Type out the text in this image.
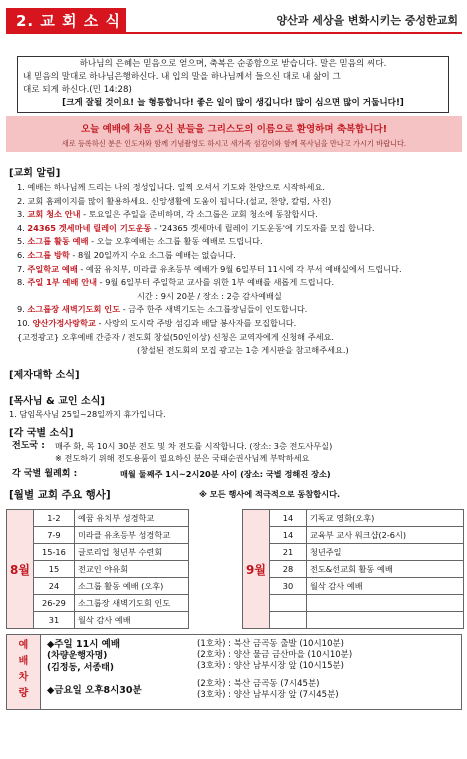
2. 교 회 소 식	양산과 세상을 변화시키는 중성한교회

하나님의 은혜는 믿음으로 얻으며, 축복은 순종함으로 받습니다. 말은 믿음의 씨다.

내 믿음의 말대로 하나님은행하신다. 내 입의 말을 하나님께서 들으신 대로 내 삶이 그

대로 되게 하신다.(민 14:28)

[크게 잘될 것이요! 늘 형통합니다! 좋은 일이 많이 생깁니다! 많이 심으면 많이 거둡니다!]

오늘 예배에 처음 오신 분들을 그리스도의 이름으로 환영하며 축복합니다!
새로 등록하신 분은 인도자와 함께 기념촬영도 하시고 새가족 섬김이와 함께 목사님을 만나고 가시기 바랍니다.
[교회 알림]
1. 예배는 하나님께 드리는 나의 정성입니다. 일찍 오셔서 기도와 찬양으로 시작하세요.
2. 교회 홈페이지를 많이 활용하세요. 신앙생활에 도움이 됩니다.(설교, 찬양, 칼럼, 사진)
3. 교회 청소 안내 - 토요일은 주일을 준비하며, 각 소그룹은 교회 청소에 동참합시다.
4. 24365 겟세마네 릴레이 기도운동 - '24365 겟세마네 릴레이 기도운동'에 기도자를 모집 합니다.
5. 소그룹 활동 예배 - 오늘 오후예배는 소그룹 활동 예배로 드립니다.
6. 소그룹 방학 - 8월 20일까지 수요 소그룹 예배는 없습니다.
7. 주일학교 예배 - 예꿈 유치부, 미라클 유초등부 예배가 9월 6일부터 11시에 각 부서 예배실에서 드립니다.
8. 주일 1부 예배 안내 - 9월 6일부터 주일학교 교사를 위한 1부 예배를 새롭게 드립니다.
시간 : 9시 20분 / 장소 : 2층 감사예배실
9. 소그룹장 새벽기도회 인도 - 금주 한주 새벽기도는 소그룹장님들이 인도합니다.
10. 양산가정사랑학교 - 사랑의 도시락 주방 섬김과 배달 봉사자를 모집합니다.
{고정광고} 오후예배 간증자 / 전도회 창설(50인이상) 신청은 교역자에게 신청해 주세요.
(창설된 전도회의 모집 광고는 1층 게시판을 참고해주세요.)
[제자대학 소식]
[목사님 & 교인 소식]
1. 담임목사님 25일~28일까지 휴가입니다.
[각 국별 소식]
전도국 : 매주 화, 목 10시 30분 전도 및 차 전도를 시작합니다. (장소: 3층 전도사무실)
※ 전도하기 위해 전도용품이 필요하신 분은 국태순권사님께 부탁하세요
각 국별 월례회 :	매월 둘째주 1시~2시20분 사이 (장소: 국별 정해진 장소)
[월별 교회 주요 행사]	※ 모든 행사에 적극적으로 동참합시다.
8월	1-2	예꿈 유치부 성경학교
	7-9	미라클 유초등부 성경학교
	15-16	글로리업 청년부 수련회
	15	전교인 야유회
	24	소그룹 활동 예배 (오후)
	26-29	소그룹장 새벽기도회 인도
	31	월삭 감사 예배
9월	14	기독교 영화(오후)
	14	교육부 교사 워크샵(2-6시)
	21	청년주일
	28	전도&선교회 활동 예배
	30	월삭 감사 예배

예
배
차
량
◆주일 11시 예배
(차량운행자명)
(김정동, 서종태)
(1호차) : 북산 금곡동 출발 (10시10분)
(2호차) : 양산 물금 금산마을 (10시10분)
(3호차) : 양산 남부시장 앞 (10시15분)
◆금요일 오후8시30분
(2호차) : 북산 금곡동 (7시45분)
(3호차) : 양산 남부시장 앞 (7시45분)
